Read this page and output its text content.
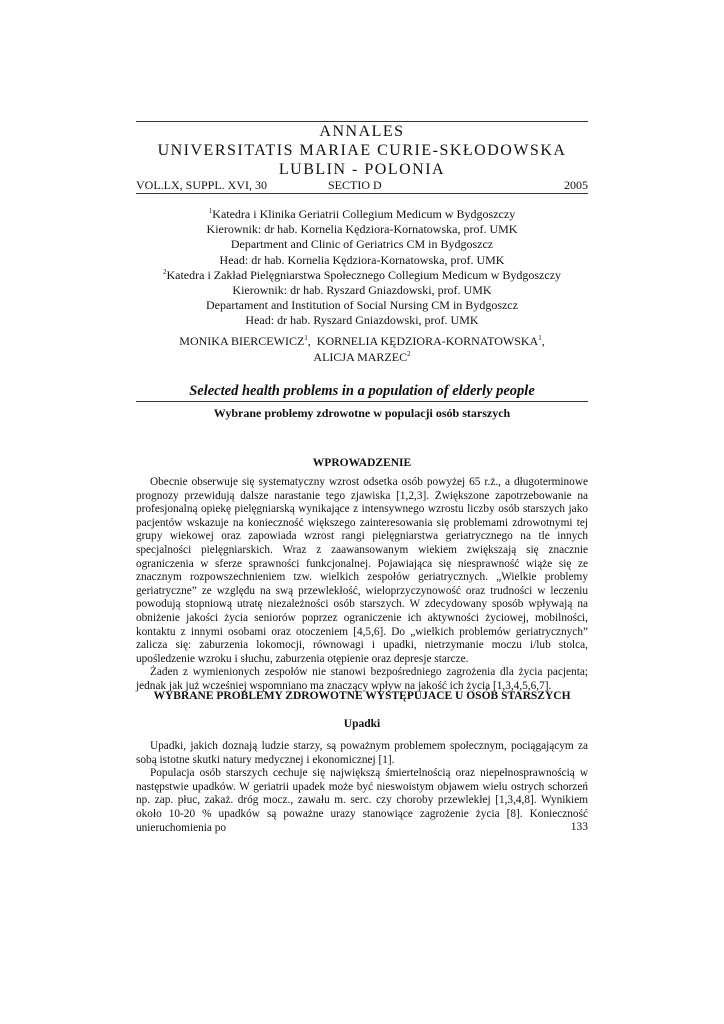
ANNALES
UNIVERSITATIS MARIAE CURIE-SKŁODOWSKA
LUBLIN - POLONIA
VOL.LX, SUPPL. XVI, 30	SECTIO D	2005
$^1$Katedra i Klinika Geriatrii Collegium Medicum w Bydgoszczy
Kierownik: dr hab. Kornelia Kędziora-Kornatowska, prof. UMK
Department and Clinic of Geriatrics CM in Bydgoszcz
Head: dr hab. Kornelia Kędziora-Kornatowska, prof. UMK
$^2$Katedra i Zakład Pielęgniarstwa Społecznego Collegium Medicum w Bydgoszczy
Kierownik: dr hab. Ryszard Gniazdowski, prof. UMK
Departament and Institution of Social Nursing CM in Bydgoszcz
Head: dr hab. Ryszard Gniazdowski, prof. UMK
MONIKA BIERCEWICZ$^1$,  KORNELIA KĘDZIORA-KORNATOWSKA$^1$,
ALICJA MARZEC$^2$
Selected health problems in a population of elderly people
Wybrane problemy zdrowotne w populacji osób starszych
WPROWADZENIE

Obecnie obserwuje się systematyczny wzrost odsetka osób powyżej 65 r.ż., a długoterminowe prognozy przewidują dalsze narastanie tego zjawiska [1,2,3]. Zwiększone zapotrzebowanie na profesjonalną opiekę pielęgniarską wynikające z intensywnego wzrostu liczby osób starszych jako pacjentów wskazuje na konieczność większego zainteresowania się problemami zdrowotnymi tej grupy wiekowej oraz zapowiada wzrost rangi pielęgniarstwa geriatrycznego na tle innych specjalności pielęgniarskich. Wraz z zaawansowanym wiekiem zwiększają się znacznie ograniczenia w sferze sprawności funkcjonalnej. Pojawiająca się niesprawność wiąże się ze znacznym rozpowszechnieniem tzw. wielkich zespołów geriatrycznych. „Wielkie problemy geriatryczne” ze względu na swą przewlekłość, wieloprzyczynowość oraz trudności w leczeniu powodują stopniową utratę niezależności osób starszych. W zdecydowany sposób wpływają na obniżenie jakości życia seniorów poprzez ograniczenie ich aktywności życiowej, mobilności, kontaktu z innymi osobami oraz otoczeniem [4,5,6]. Do „wielkich problemów geriatrycznych” zalicza się: zaburzenia lokomocji, równowagi i upadki, nietrzymanie moczu i/lub stolca, upośledzenie wzroku i słuchu, zaburzenia otępienie oraz depresje starcze.

Żaden z wymienionych zespołów nie stanowi bezpośredniego zagrożenia dla życia pacjenta; jednak jak już wcześniej wspomniano ma znaczący wpływ na jakość ich życia [1,3,4,5,6,7].

WYBRANE PROBLEMY ZDROWOTNE WYSTĘPUJACE U OSÓB STARSZYCH
Upadki

Upadki, jakich doznają ludzie starzy, są poważnym problemem społecznym, pociągającym za sobą istotne skutki natury medycznej i ekonomicznej [1].

Populacja osób starszych cechuje się największą śmiertelnością oraz niepełnosprawnością w następstwie upadków. W geriatrii upadek może być nieswoistym objawem wielu ostrych schorzeń np. zap. płuc, zakaż. dróg mocz., zawału m. serc. czy choroby przewlekłej [1,3,4,8]. Wynikiem około 10-20 % upadków są poważne urazy stanowiące zagrożenie życia [8]. Konieczność unieruchomienia po	133
